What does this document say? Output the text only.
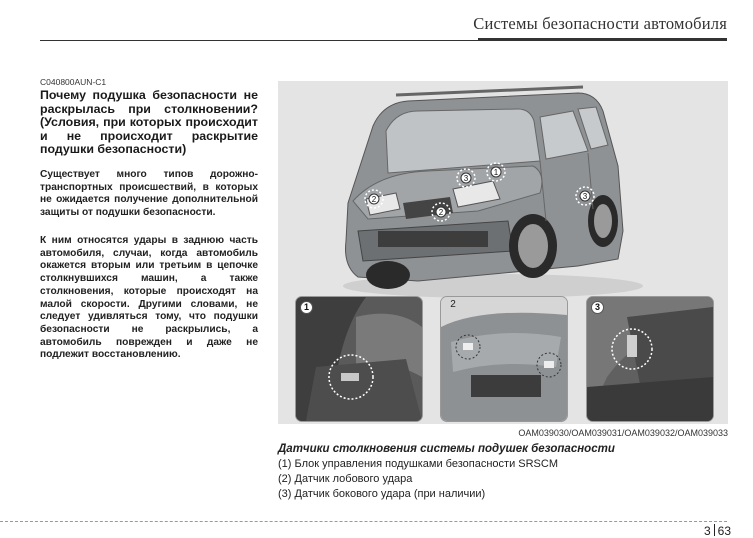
Системы безопасности автомобиля
C040800AUN-C1

Почему подушка безопасности не раскрылась при столкновении? (Условия, при которых происходит и не происходит раскрытие подушки безопасности)

Существует много типов дорожно-транспортных происшествий, в которых не ожидается получение дополнительной защиты от подушки безопасности.

К ним относятся удары в заднюю часть автомобиля, случаи, когда автомобиль окажется вторым или третьим в цепочке столкнувшихся машин, а также столкновения, которые происходят на малой скорости. Другими словами, не следует удивляться тому, что подушки безопасности не раскрылись, а автомобиль поврежден и даже не подлежит восстановлению.

1
2
2
3
3
1	2	3
OAM039030/OAM039031/OAM039032/OAM039033
Датчики столкновения системы подушек безопасности
(1) Блок управления подушками безопасности SRSCM
(2) Датчик лобового удара
(3) Датчик бокового удара (при наличии)
3 63
